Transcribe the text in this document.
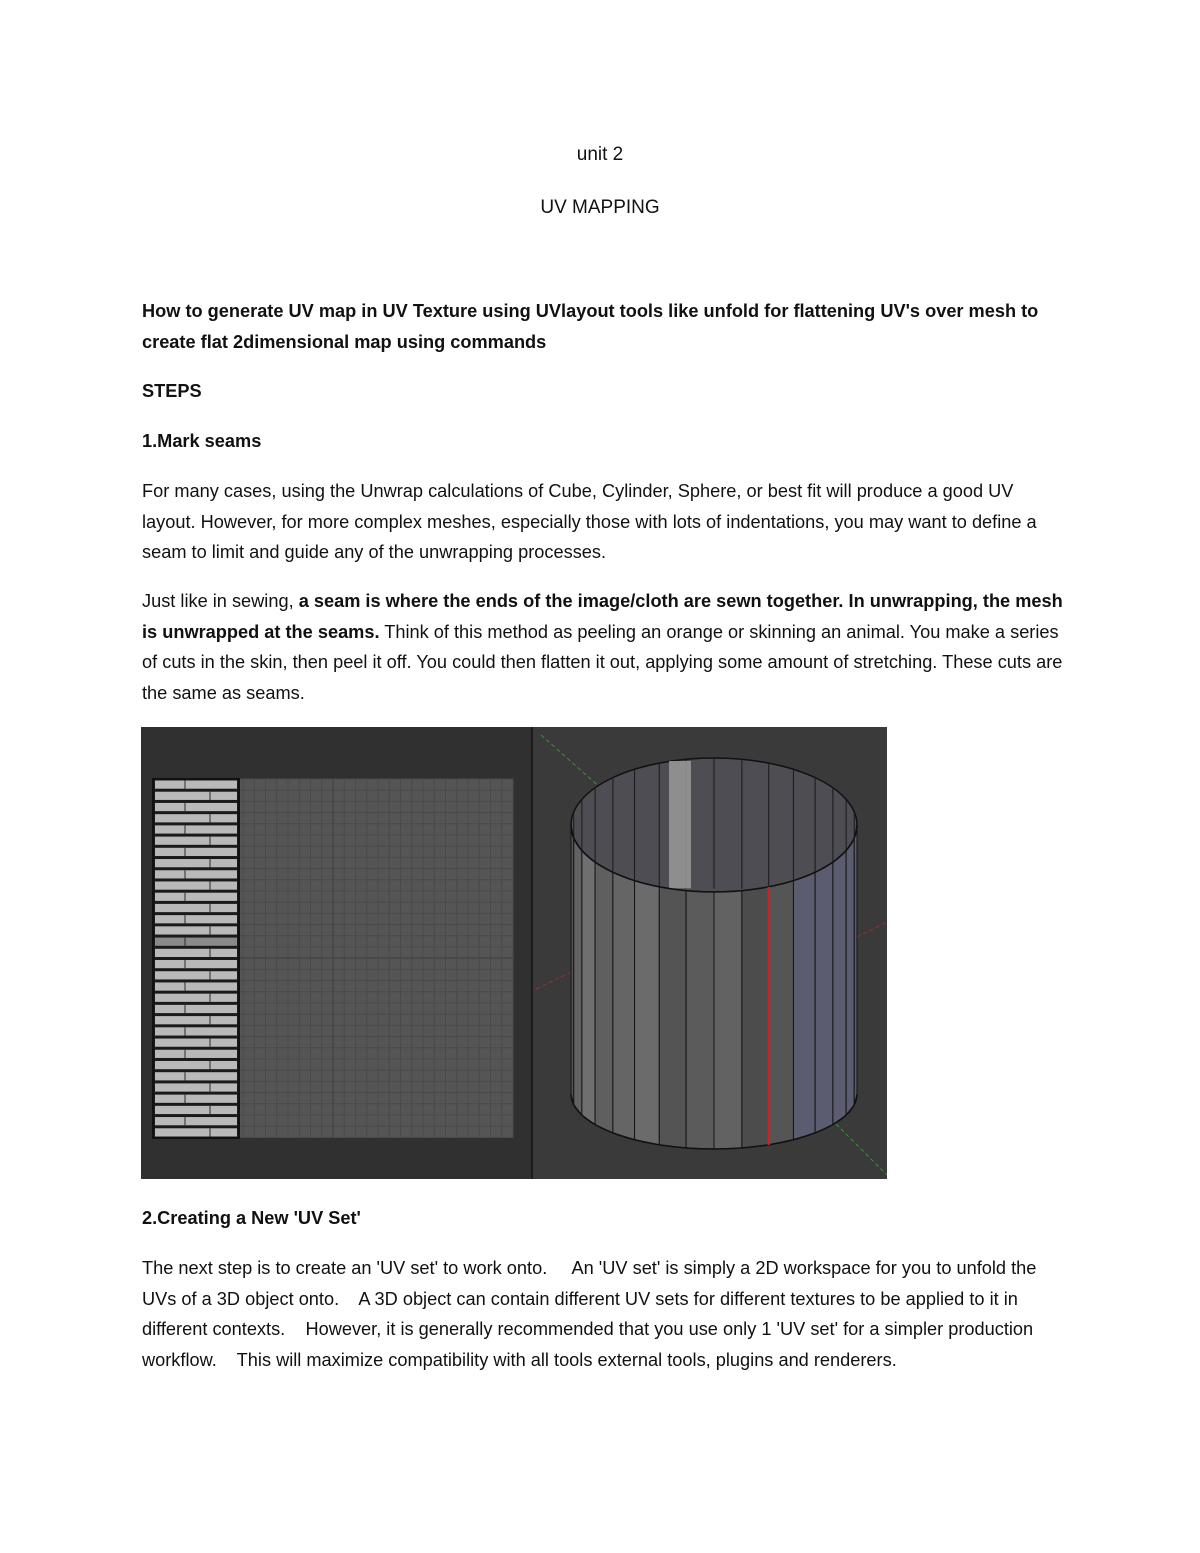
unit 2
UV MAPPING

How to generate UV map in UV Texture using UVlayout tools like unfold for flattening UV's over mesh to create flat 2dimensional map using commands

STEPS

1.Mark seams

For many cases, using the Unwrap calculations of Cube, Cylinder, Sphere, or best fit will produce a good UV layout. However, for more complex meshes, especially those with lots of indentations, you may want to define a seam to limit and guide any of the unwrapping processes.

Just like in sewing, a seam is where the ends of the image/cloth are sewn together. In unwrapping, the mesh is unwrapped at the seams. Think of this method as peeling an orange or skinning an animal. You make a series of cuts in the skin, then peel it off. You could then flatten it out, applying some amount of stretching. These cuts are the same as seams.

2.Creating a New 'UV Set'

The next step is to create an 'UV set' to work onto.     An 'UV set' is simply a 2D workspace for you to unfold the UVs of a 3D object onto.    A 3D object can contain different UV sets for different textures to be applied to it in different contexts.    However, it is generally recommended that you use only 1 'UV set' for a simpler production workflow.    This will maximize compatibility with all tools external tools, plugins and renderers.
